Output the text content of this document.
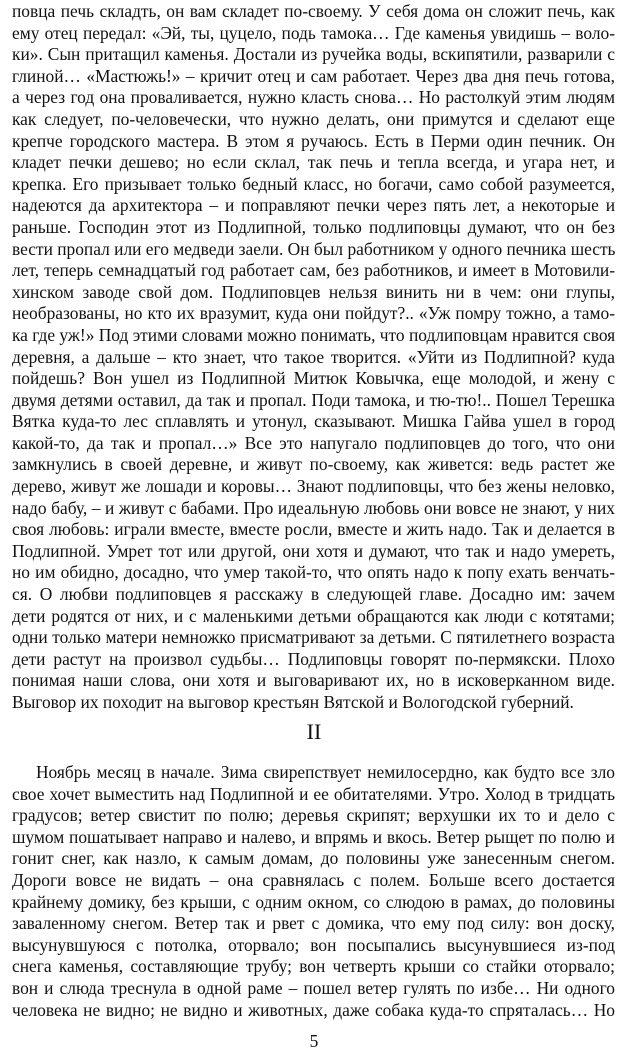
повца печь складть, он вам складет по-своему. У себя дома он сложит печь, как
ему отец передал: «Эй, ты, цуцело, подь тамока… Где каменья увидишь – воло-
ки». Сын притащил каменья. Достали из ручейка воды, вскипятили, разварили с
глиной… «Мастюжь!» – кричит отец и сам работает. Через два дня печь готова,
а через год она проваливается, нужно класть снова… Но растолкуй этим людям
как следует, по-человечески, что нужно делать, они примутся и сделают еще
крепче городского мастера. В этом я ручаюсь. Есть в Перми один печник. Он
кладет печки дешево; но если склал, так печь и тепла всегда, и угара нет, и
крепка. Его призывает только бедный класс, но богачи, само собой разумеется,
надеются да архитектора – и поправляют печки через пять лет, а некоторые и
раньше. Господин этот из Подлипной, только подлиповцы думают, что он без
вести пропал или его медведи заели. Он был работником у одного печника шесть
лет, теперь семнадцатый год работает сам, без работников, и имеет в Мотовили-
хинском заводе свой дом. Подлиповцев нельзя винить ни в чем: они глупы,
необразованы, но кто их вразумит, куда они пойдут?.. «Уж помру тожно, а тамо-
ка где уж!» Под этими словами можно понимать, что подлиповцам нравится своя
деревня, а дальше – кто знает, что такое творится. «Уйти из Подлипной? куда
пойдешь? Вон ушел из Подлипной Митюк Ковычка, еще молодой, и жену с
двумя детями оставил, да так и пропал. Поди тамока, и тю-тю!.. Пошел Терешка
Вятка куда-то лес сплавлять и утонул, сказывают. Мишка Гайва ушел в город
какой-то, да так и пропал…» Все это напугало подлиповцев до того, что они
замкнулись в своей деревне, и живут по-своему, как живется: ведь растет же
дерево, живут же лошади и коровы… Знают подлиповцы, что без жены неловко,
надо бабу, – и живут с бабами. Про идеальную любовь они вовсе не знают, у них
своя любовь: играли вместе, вместе росли, вместе и жить надо. Так и делается в
Подлипной. Умрет тот или другой, они хотя и думают, что так и надо умереть,
но им обидно, досадно, что умер такой-то, что опять надо к попу ехать венчать-
ся. О любви подлиповцев я расскажу в следующей главе. Досадно им: зачем
дети родятся от них, и с маленькими детьми обращаются как люди с котятами;
одни только матери немножко присматривают за детьми. С пятилетнего возраста
дети растут на произвол судьбы… Подлиповцы говорят по-пермякски. Плохо
понимая наши слова, они хотя и выговаривают их, но в исковерканном виде.
Выговор их походит на выговор крестьян Вятской и Вологодской губерний.
II
Ноябрь месяц в начале. Зима свирепствует немилосердно, как будто все зло
свое хочет выместить над Подлипной и ее обитателями. Утро. Холод в тридцать
градусов; ветер свистит по полю; деревья скрипят; верхушки их то и дело с
шумом пошатывает направо и налево, и впрямь и вкось. Ветер рыщет по полю и
гонит снег, как назло, к самым домам, до половины уже занесенным снегом.
Дороги вовсе не видать – она сравнялась с полем. Больше всего достается
крайнему домику, без крыши, с одним окном, со слюдою в рамах, до половины
заваленному снегом. Ветер так и рвет с домика, что ему под силу: вон доску,
высунувшуюся с потолка, оторвало; вон посыпались высунувшиеся из-под
снега каменья, составляющие трубу; вон четверть крыши со стайки оторвало;
вон и слюда треснула в одной раме – пошел ветер гулять по избе… Ни одного
человека не видно; не видно и животных, даже собака куда-то спряталась… Но
5
